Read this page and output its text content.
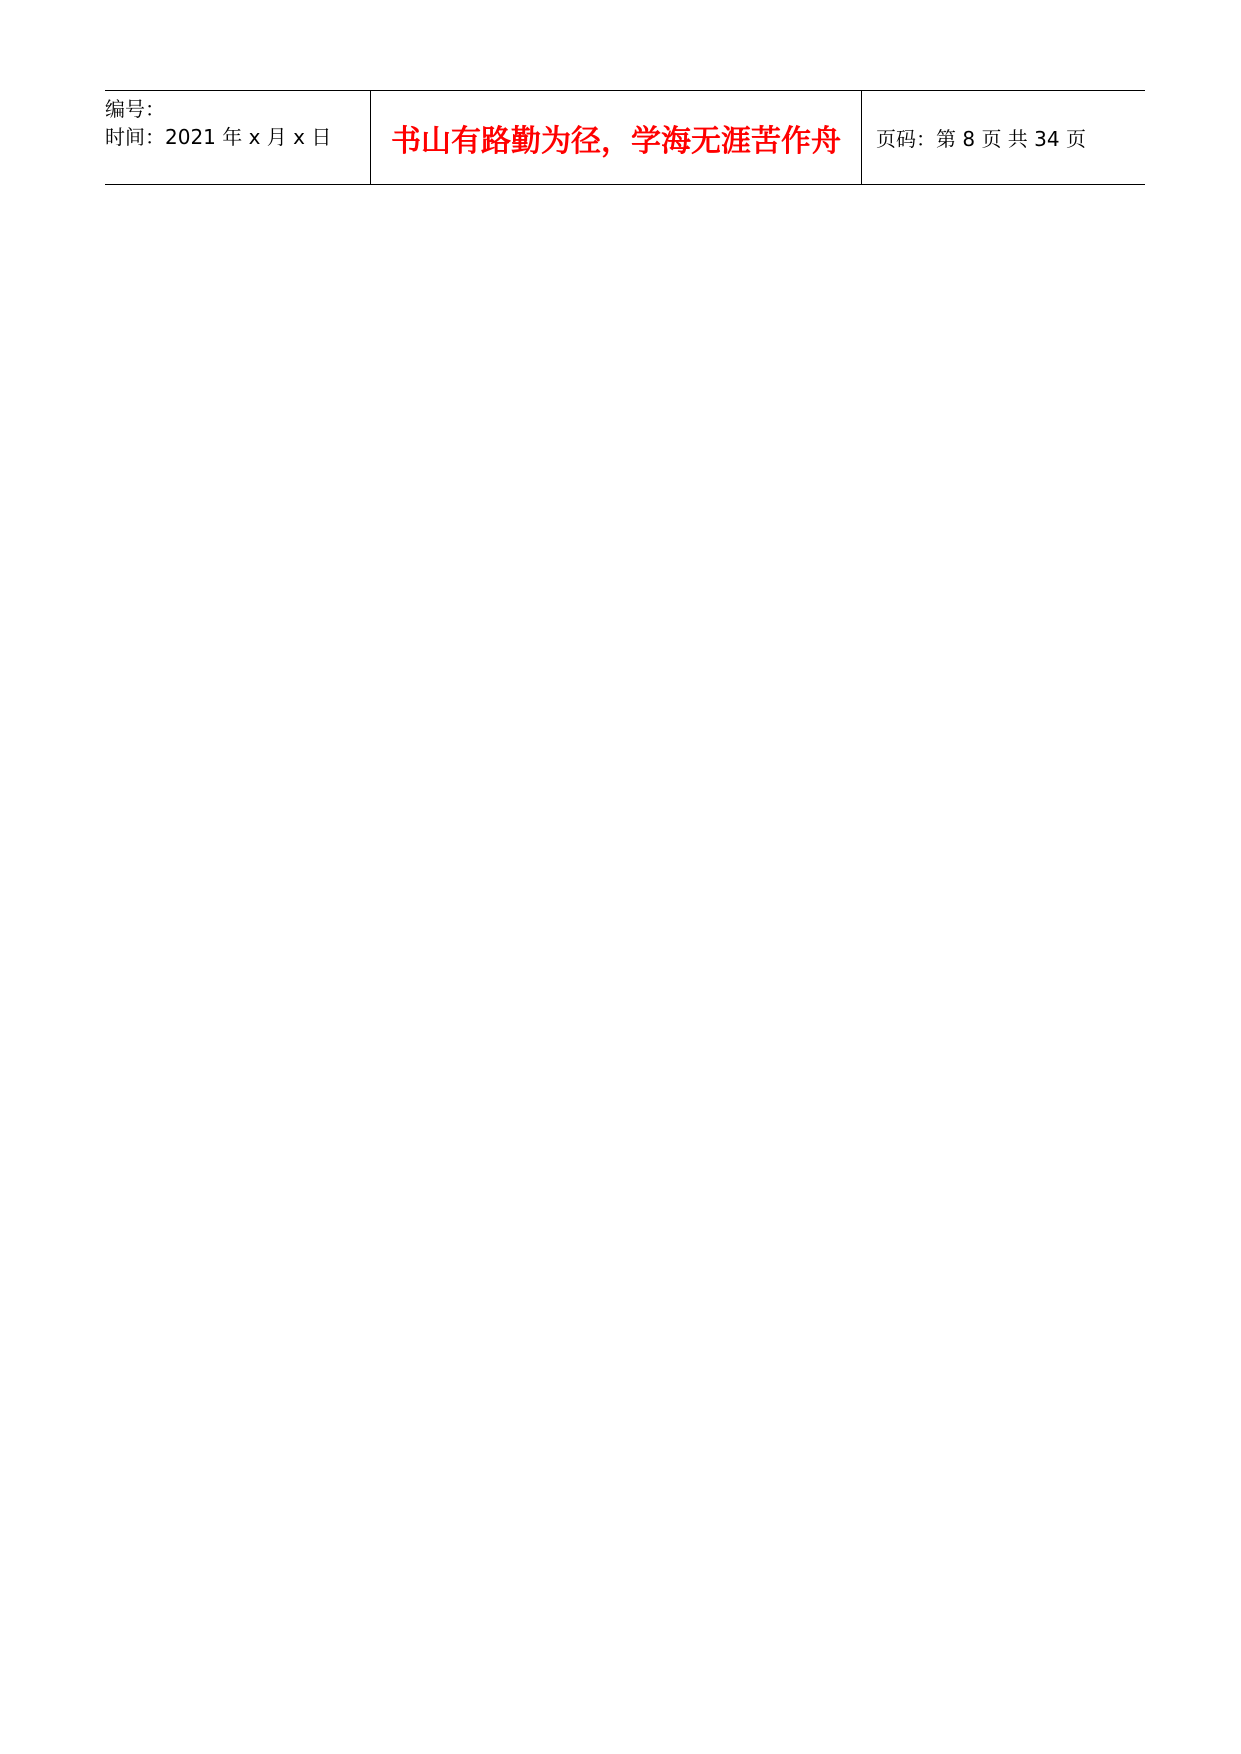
编号：
时间：2021 年 x 月 x 日	书山有路勤为径，学海无涯苦作舟	页码：第 8 页 共 34 页
